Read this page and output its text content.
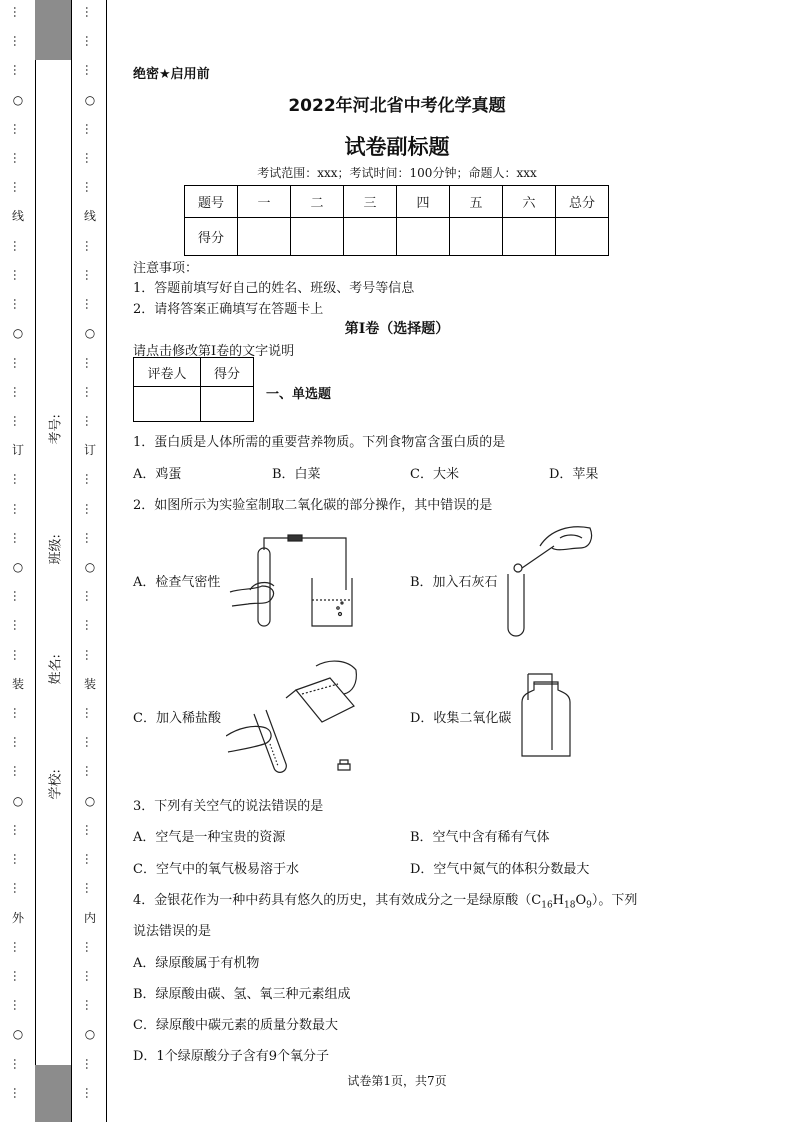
…
…
…
○
…
…
…
线
…
…
…
○
…
…
…
订
…
…
…
○
…
…
…
装
…
…
…
○
…
…
…
外
…
…
…
○
…
…
…
…
…
○
…
…
…
线
…
…
…
○
…
…
…
订
…
…
…
○
…
…
…
装
…
…
…
○
…
…
…
内
…
…
…
○
…
…
考号:
班级:
姓名:
学校:
绝密★启用前
2022年河北省中考化学真题
试卷副标题
考试范围：xxx；考试时间：100分钟；命题人：xxx
题号	一	二	三	四	五	六	总分
得分							
注意事项：
1．答题前填写好自己的姓名、班级、考号等信息
2．请将答案正确填写在答题卡上
第I卷（选择题）
请点击修改第I卷的文字说明
评卷人	得分

一、单选题
1．蛋白质是人体所需的重要营养物质。下列食物富含蛋白质的是
A．鸡蛋	B．白菜	C．大米	D．苹果
2．如图所示为实验室制取二氧化碳的部分操作，其中错误的是
A．检查气密性	B．加入石灰石
C．加入稀盐酸	D．收集二氧化碳
3．下列有关空气的说法错误的是
A．空气是一种宝贵的资源	B．空气中含有稀有气体
C．空气中的氧气极易溶于水	D．空气中氮气的体积分数最大
4．金银花作为一种中药具有悠久的历史，其有效成分之一是绿原酸$(C_{16}H_{18}O_9)$。下列
说法错误的是
A．绿原酸属于有机物
B．绿原酸由碳、氢、氧三种元素组成
C．绿原酸中碳元素的质量分数最大
D．1个绿原酸分子含有9个氧分子
试卷第1页，共7页
